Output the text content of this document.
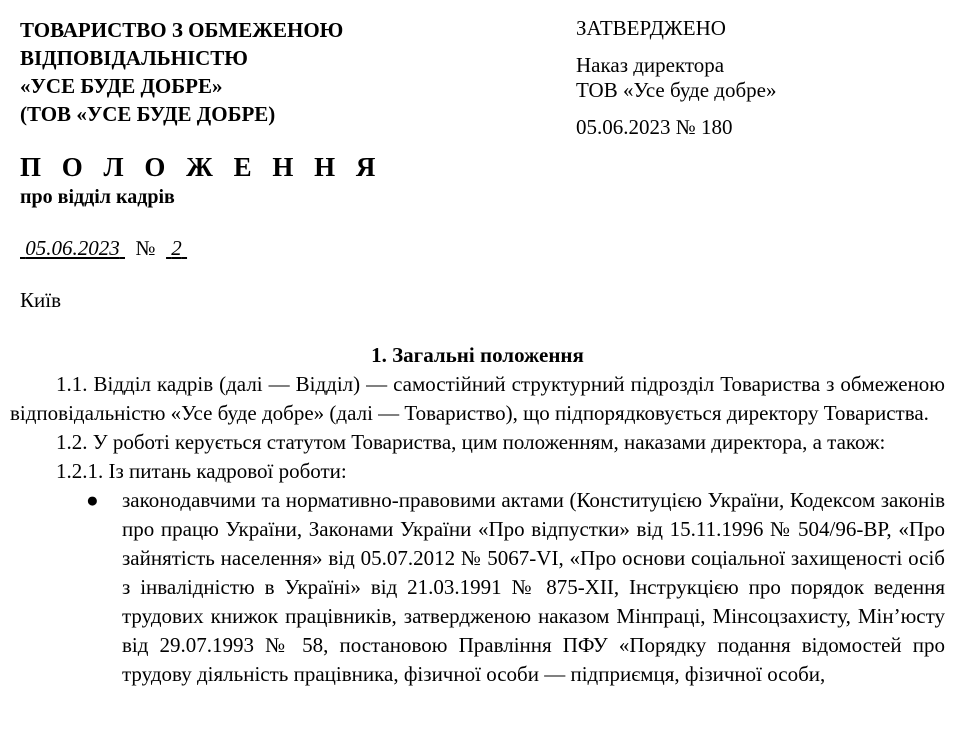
ТОВАРИСТВО З ОБМЕЖЕНОЮ
ВІДПОВІДАЛЬНІСТЮ
«УСЕ БУДЕ ДОБРЕ»
(ТОВ «УСЕ БУДЕ ДОБРЕ)
ЗАТВЕРДЖЕНО
Наказ директора
ТОВ «Усе буде добре»
05.06.2023 № 180
П О Л О Ж Е Н Н Я
про відділ кадрів
05.06.2023 № 2
Київ

1. Загальні положення

1.1. Відділ кадрів (далі — Відділ) — самостійний структурний підрозділ Товариства з обмеженою відповідальністю «Усе буде добре» (далі — Товариство), що підпорядковується директору Товариства.

1.2. У роботі керується статутом Товариства, цим положенням, наказами директора, а також:

1.2.1. Із питань кадрової роботи:

● законодавчими та нормативно-правовими актами (Конституцією України, Кодексом законів про працю України, Законами України «Про відпустки» від 15.11.1996 № 504/96-ВР, «Про зайнятість населення» від 05.07.2012 № 5067-VI, «Про основи соціальної захищеності осіб з інвалідністю в Україні» від 21.03.1991 № 875-XII, Інструкцією про порядок ведення трудових книжок працівників, затвердженою наказом Мінпраці, Мінсоцзахисту, Мін’юсту від 29.07.1993 № 58, постановою Правління ПФУ «Порядку подання відомостей про трудову діяльність працівника, фізичної особи — підприємця, фізичної особи,
